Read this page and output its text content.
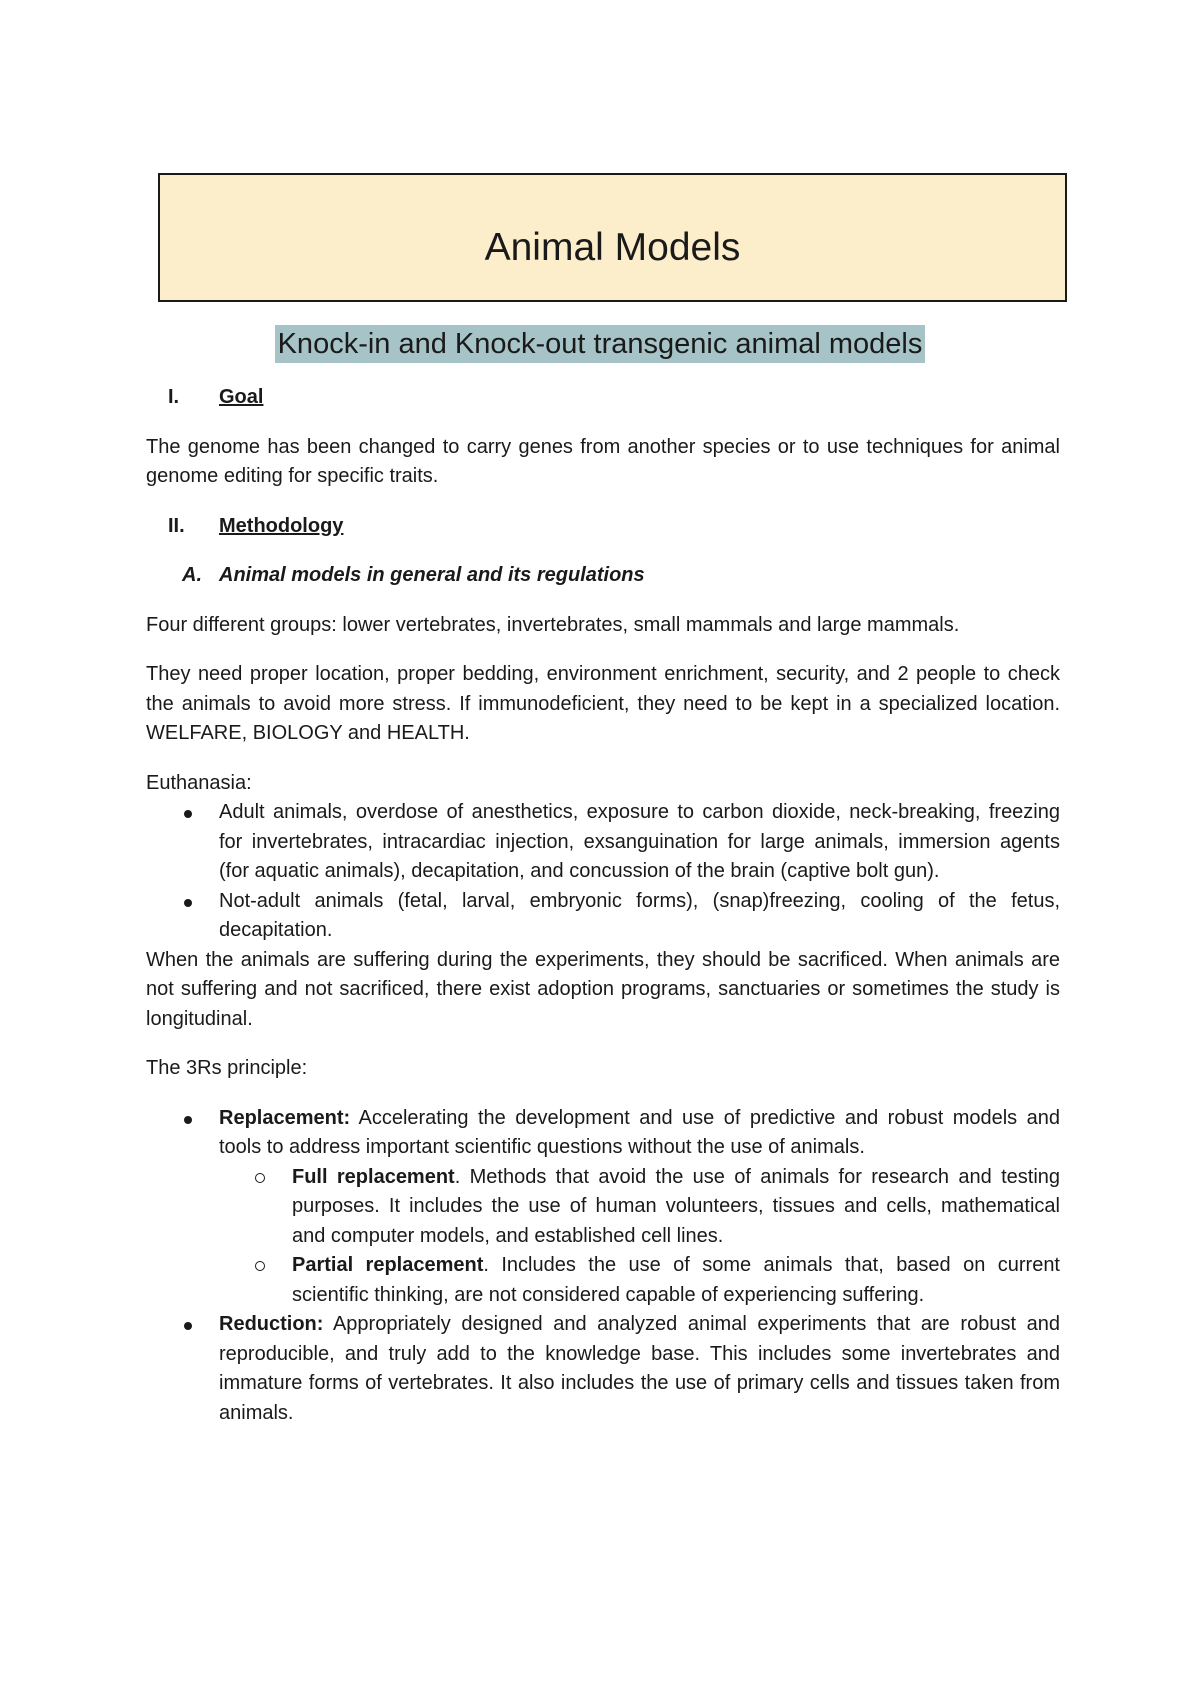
Animal Models
Knock-in and Knock-out transgenic animal models
I.	Goal

The genome has been changed to carry genes from another species or to use techniques for animal genome editing for specific traits.

II.	Methodology
A. Animal models in general and its regulations

Four different groups: lower vertebrates, invertebrates, small mammals and large mammals.

They need proper location, proper bedding, environment enrichment, security, and 2 people to check the animals to avoid more stress. If immunodeficient, they need to be kept in a specialized location. WELFARE, BIOLOGY and HEALTH.

Euthanasia:

Adult animals, overdose of anesthetics, exposure to carbon dioxide, neck-breaking, freezing for invertebrates, intracardiac injection, exsanguination for large animals, immersion agents (for aquatic animals), decapitation, and concussion of the brain (captive bolt gun).
Not-adult animals (fetal, larval, embryonic forms), (snap)freezing, cooling of the fetus, decapitation.

When the animals are suffering during the experiments, they should be sacrificed. When animals are not suffering and not sacrificed, there exist adoption programs, sanctuaries or sometimes the study is longitudinal.

The 3Rs principle:

Replacement: Accelerating the development and use of predictive and robust models and tools to address important scientific questions without the use of animals.
Full replacement. Methods that avoid the use of animals for research and testing purposes. It includes the use of human volunteers, tissues and cells, mathematical and computer models, and established cell lines.
Partial replacement. Includes the use of some animals that, based on current scientific thinking, are not considered capable of experiencing suffering.
Reduction: Appropriately designed and analyzed animal experiments that are robust and reproducible, and truly add to the knowledge base. This includes some invertebrates and immature forms of vertebrates. It also includes the use of primary cells and tissues taken from animals.
